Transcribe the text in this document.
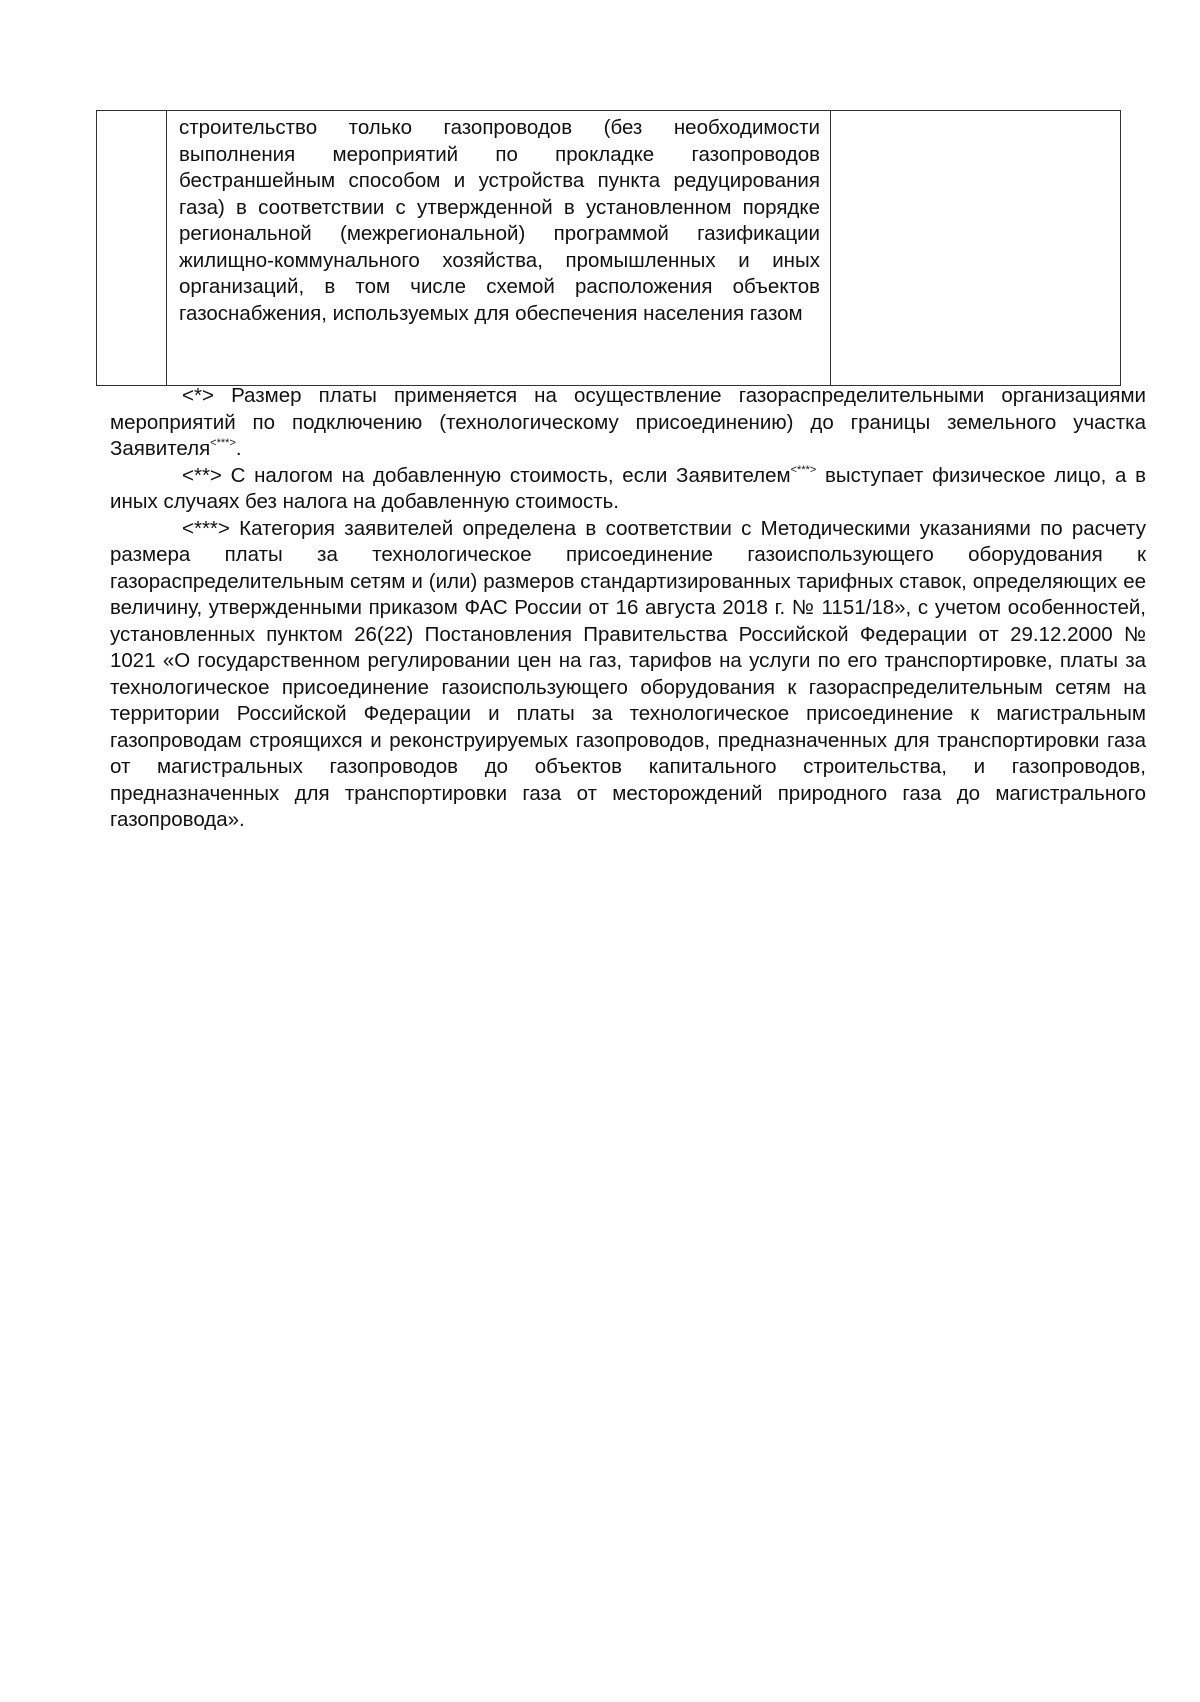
строительство только газопроводов (без необходимости выполнения мероприятий по прокладке газопроводов бестраншейным способом и устройства пункта редуцирования газа) в соответствии с утвержденной в установленном порядке региональной (межрегиональной) программой газификации жилищно-коммунального хозяйства, промышленных и иных организаций, в том числе схемой расположения объектов газоснабжения, используемых для обеспечения населения газом

<*> Размер платы применяется на осуществление газораспределительными организациями мероприятий по подключению (технологическому присоединению) до границы земельного участка Заявителя<***>.

<**> С налогом на добавленную стоимость, если Заявителем<***> выступает физическое лицо, а в иных случаях без налога на добавленную стоимость.

<***> Категория заявителей определена в соответствии с Методическими указаниями по расчету размера платы за технологическое присоединение газоиспользующего оборудования к газораспределительным сетям и (или) размеров стандартизированных тарифных ставок, определяющих ее величину, утвержденными приказом ФАС России от 16 августа 2018 г. № 1151/18», с учетом особенностей, установленных пунктом 26(22) Постановления Правительства Российской Федерации от 29.12.2000 № 1021 «О государственном регулировании цен на газ, тарифов на услуги по его транспортировке, платы за технологическое присоединение газоиспользующего оборудования к газораспределительным сетям на территории Российской Федерации и платы за технологическое присоединение к магистральным газопроводам строящихся и реконструируемых газопроводов, предназначенных для транспортировки газа от магистральных газопроводов до объектов капитального строительства, и газопроводов, предназначенных для транспортировки газа от месторождений природного газа до магистрального газопровода».
